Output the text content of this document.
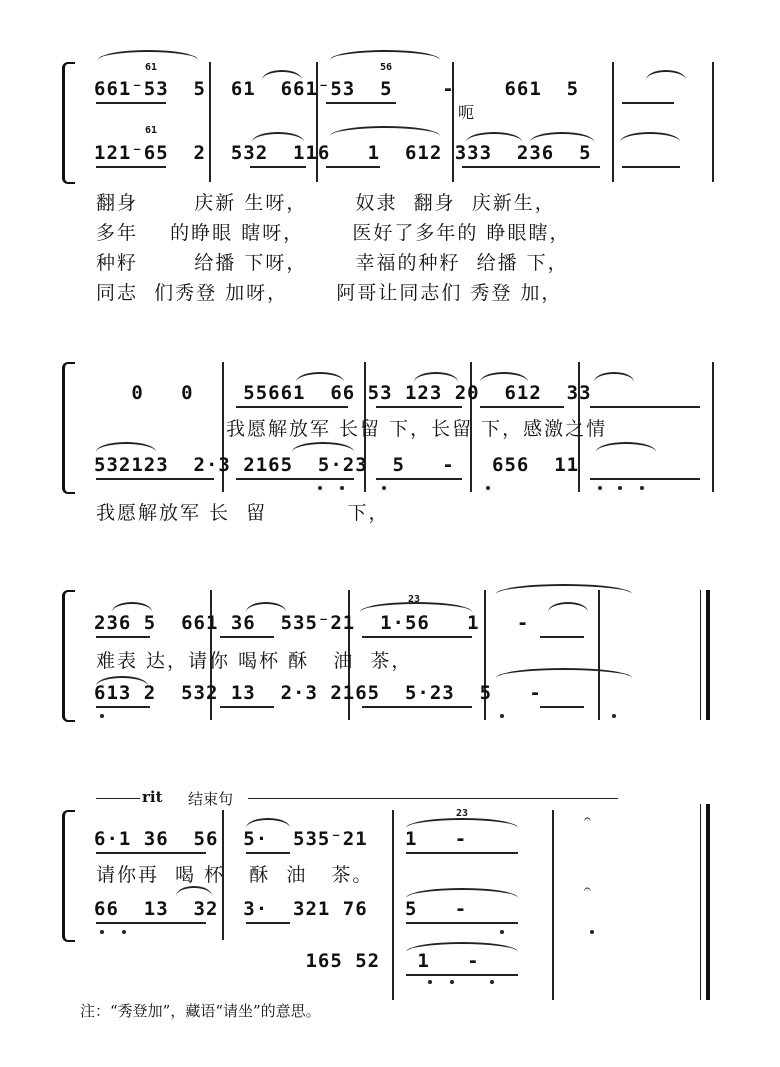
61	56
661⁻53  5  61  661⁻53  5    -    661  5
呃
61
121⁻65  2  532  116   1  612 333  236  5
翻身       庆新 生呀，      奴隶  翻身  庆新生，
多年    的睁眼 瞎呀，      医好了多年的 睁眼瞎，
种籽       给播 下呀，      幸福的种籽  给播 下，
同志  们秀登 加呀，      阿哥让同志们 秀登 加，
0   0    55661  66 53 123 20  612  33
我愿解放军 长留 下，长留 下，感激之情
532123  2·3 2165  5·23  5   -   656  11
我愿解放军 长  留          下，
23
236 5  661 36  535⁻21  1·56   1   -
难表 达，请你 喝杯 酥   油  茶，
613 2  532 13  2·3 2165  5·23  5   -
rit 结束句
23	𝄐
6·1 36  56  5·  535⁻21   1   -
请你再  喝 杯   酥  油   茶。
𝄐
66  13  32  3·  321 76   5   -
165 52   1   -
注：“秀登加”，藏语“请坐”的意思。
